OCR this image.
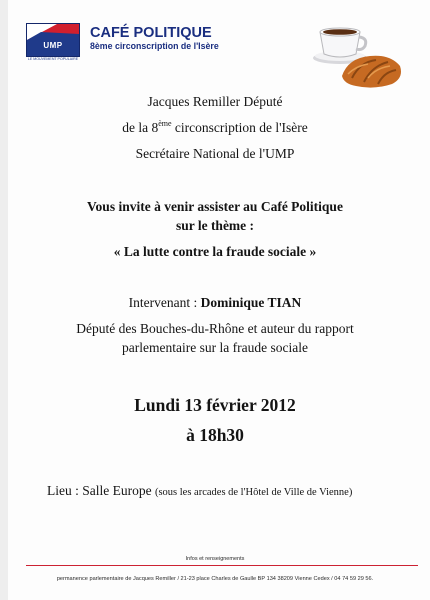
UMP
LE MOUVEMENT POPULAIRE
CAFÉ POLITIQUE
8ème circonscription de l'Isère
Jacques Remiller Député
de la 8ème circonscription de l'Isère
Secrétaire National de l'UMP
Vous invite à venir assister au Café Politique
sur le thème :
« La lutte contre la fraude sociale »
Intervenant : Dominique TIAN
Député des Bouches-du-Rhône et auteur du rapport
parlementaire sur la fraude sociale
Lundi 13 février 2012
à 18h30
Lieu : Salle Europe (sous les arcades de l'Hôtel de Ville de Vienne)
Infos et renseignements
permanence parlementaire de Jacques Remiller / 21-23 place Charles de Gaulle BP 134 38209 Vienne Cedex / 04 74 59 29 56.
